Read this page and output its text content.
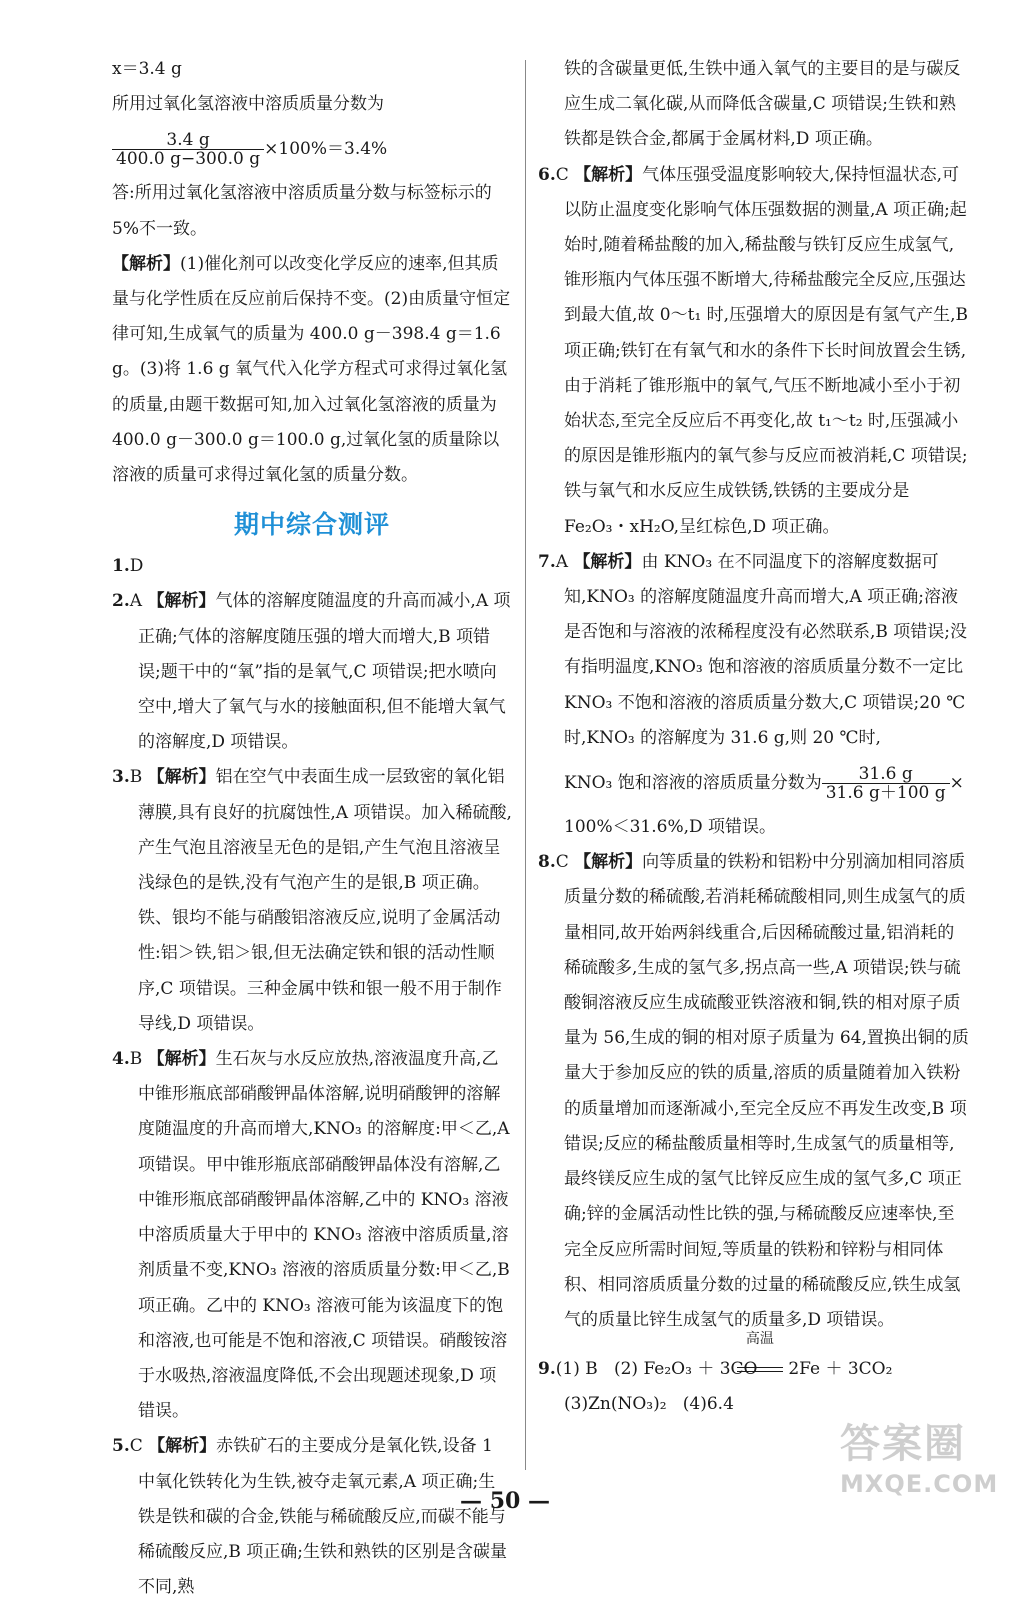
x＝3.4 g

所用过氧化氢溶液中溶质质量分数为

$\frac{3.4 g}{400.0 g-300.0 g} \times 100\%=3.4\%$

答:所用过氧化氢溶液中溶质质量分数与标签标示的5%不一致。

【解析】(1)催化剂可以改变化学反应的速率,但其质量与化学性质在反应前后保持不变。(2)由质量守恒定律可知,生成氧气的质量为 400.0 g－398.4 g＝1.6 g。(3)将 1.6 g 氧气代入化学方程式可求得过氧化氢的质量,由题干数据可知,加入过氧化氢溶液的质量为 400.0 g－300.0 g＝100.0 g,过氧化氢的质量除以溶液的质量可求得过氧化氢的质量分数。

期中综合测评

1.D

2.A 【解析】气体的溶解度随温度的升高而减小,A 项正确;气体的溶解度随压强的增大而增大,B 项错误;题干中的“氧”指的是氧气,C 项错误;把水喷向空中,增大了氧气与水的接触面积,但不能增大氧气的溶解度,D 项错误。

3.B 【解析】铝在空气中表面生成一层致密的氧化铝薄膜,具有良好的抗腐蚀性,A 项错误。加入稀硫酸,产生气泡且溶液呈无色的是铝,产生气泡且溶液呈浅绿色的是铁,没有气泡产生的是银,B 项正确。铁、银均不能与硝酸铝溶液反应,说明了金属活动性:铝＞铁,铝＞银,但无法确定铁和银的活动性顺序,C 项错误。三种金属中铁和银一般不用于制作导线,D 项错误。

4.B 【解析】生石灰与水反应放热,溶液温度升高,乙中锥形瓶底部硝酸钾晶体溶解,说明硝酸钾的溶解度随温度的升高而增大,KNO₃ 的溶解度:甲＜乙,A 项错误。甲中锥形瓶底部硝酸钾晶体没有溶解,乙中锥形瓶底部硝酸钾晶体溶解,乙中的 KNO₃ 溶液中溶质质量大于甲中的 KNO₃ 溶液中溶质质量,溶剂质量不变,KNO₃ 溶液的溶质质量分数:甲＜乙,B 项正确。乙中的 KNO₃ 溶液可能为该温度下的饱和溶液,也可能是不饱和溶液,C 项错误。硝酸铵溶于水吸热,溶液温度降低,不会出现题述现象,D 项错误。

5.C 【解析】赤铁矿石的主要成分是氧化铁,设备 1 中氧化铁转化为生铁,被夺走氧元素,A 项正确;生铁是铁和碳的合金,铁能与稀硫酸反应,而碳不能与稀硫酸反应,B 项正确;生铁和熟铁的区别是含碳量不同,熟

铁的含碳量更低,生铁中通入氧气的主要目的是与碳反应生成二氧化碳,从而降低含碳量,C 项错误;生铁和熟铁都是铁合金,都属于金属材料,D 项正确。

6.C 【解析】气体压强受温度影响较大,保持恒温状态,可以防止温度变化影响气体压强数据的测量,A 项正确;起始时,随着稀盐酸的加入,稀盐酸与铁钉反应生成氢气,锥形瓶内气体压强不断增大,待稀盐酸完全反应,压强达到最大值,故 0～t₁ 时,压强增大的原因是有氢气产生,B 项正确;铁钉在有氧气和水的条件下长时间放置会生锈,由于消耗了锥形瓶中的氧气,气压不断地减小至小于初始状态,至完全反应后不再变化,故 t₁～t₂ 时,压强减小的原因是锥形瓶内的氧气参与反应而被消耗,C 项错误;铁与氧气和水反应生成铁锈,铁锈的主要成分是 Fe₂O₃・xH₂O,呈红棕色,D 项正确。

7.A 【解析】由 KNO₃ 在不同温度下的溶解度数据可知,KNO₃ 的溶解度随温度升高而增大,A 项正确;溶液是否饱和与溶液的浓稀程度没有必然联系,B 项错误;没有指明温度,KNO₃ 饱和溶液的溶质质量分数不一定比 KNO₃ 不饱和溶液的溶质质量分数大,C 项错误;20 ℃时,KNO₃ 的溶解度为 31.6 g,则 20 ℃时,

KNO₃ 饱和溶液的溶质质量分数为 $\frac{31.6 g}{31.6 g+100 g}$ ×

100%＜31.6%,D 项错误。

8.C 【解析】向等质量的铁粉和铝粉中分别滴加相同溶质质量分数的稀硫酸,若消耗稀硫酸相同,则生成氢气的质量相同,故开始两斜线重合,后因稀硫酸过量,铝消耗的稀硫酸多,生成的氢气多,拐点高一些,A 项错误;铁与硫酸铜溶液反应生成硫酸亚铁溶液和铜,铁的相对原子质量为 56,生成的铜的相对原子质量为 64,置换出铜的质量大于参加反应的铁的质量,溶质的质量随着加入铁粉的质量增加而逐渐减小,至完全反应不再发生改变,B 项错误;反应的稀盐酸质量相等时,生成氢气的质量相等,最终镁反应生成的氢气比锌反应生成的氢气多,C 项正确;锌的金属活动性比铁的强,与稀硫酸反应速率快,至完全反应所需时间短,等质量的铁粉和锌粉与相同体积、相同溶质质量分数的过量的稀硫酸反应,铁生成氢气的质量比锌生成氢气的质量多,D 项错误。

9.(1) B (2) Fe₂O₃ ＋ 3CO
高温
2Fe ＋ 3CO₂

(3)Zn(NO₃)₂ (4)6.4

— 50 —
答案圈
MXQE.COM
